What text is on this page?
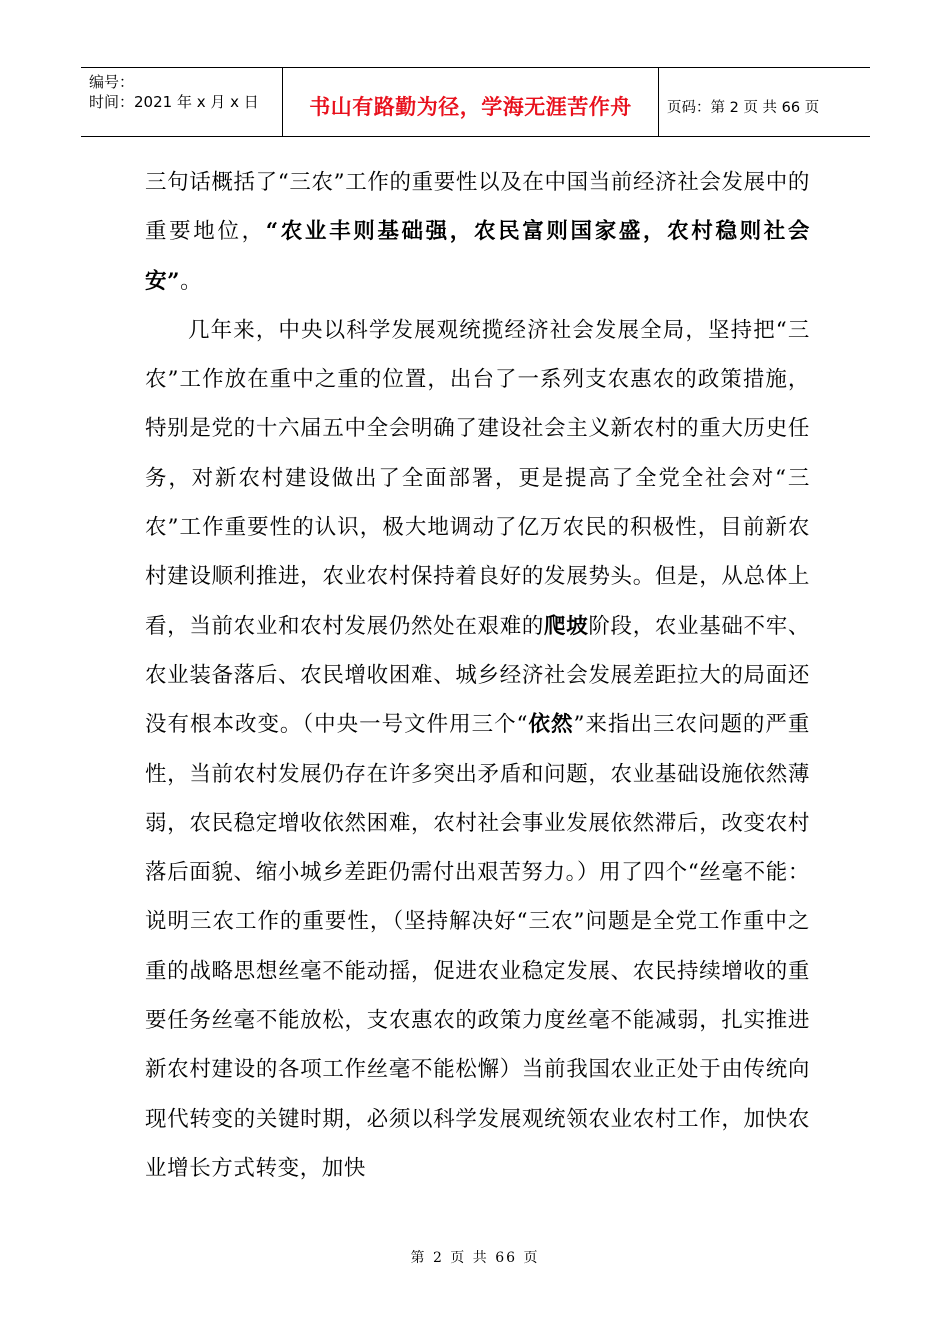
编号：
时间：2021 年 x 月 x 日	书山有路勤为径，学海无涯苦作舟 页码：第 2 页 共 66 页

三句话概括了“三农”工作的重要性以及在中国当前经济社会发展中的重要地位，“农业丰则基础强，农民富则国家盛，农村稳则社会安”。

几年来，中央以科学发展观统揽经济社会发展全局，坚持把“三农”工作放在重中之重的位置，出台了一系列支农惠农的政策措施，特别是党的十六届五中全会明确了建设社会主义新农村的重大历史任务，对新农村建设做出了全面部署，更是提高了全党全社会对“三农”工作重要性的认识，极大地调动了亿万农民的积极性，目前新农村建设顺利推进，农业农村保持着良好的发展势头。但是，从总体上看，当前农业和农村发展仍然处在艰难的爬坡阶段，农业基础不牢、农业装备落后、农民增收困难、城乡经济社会发展差距拉大的局面还没有根本改变。（中央一号文件用三个“依然”来指出三农问题的严重性，当前农村发展仍存在许多突出矛盾和问题，农业基础设施依然薄弱，农民稳定增收依然困难，农村社会事业发展依然滞后，改变农村落后面貌、缩小城乡差距仍需付出艰苦努力。）用了四个“丝毫不能：说明三农工作的重要性，（坚持解决好“三农”问题是全党工作重中之重的战略思想丝毫不能动摇，促进农业稳定发展、农民持续增收的重要任务丝毫不能放松，支农惠农的政策力度丝毫不能减弱，扎实推进新农村建设的各项工作丝毫不能松懈）当前我国农业正处于由传统向现代转变的关键时期，必须以科学发展观统领农业农村工作，加快农业增长方式转变，加快

第 2 页 共 66 页
